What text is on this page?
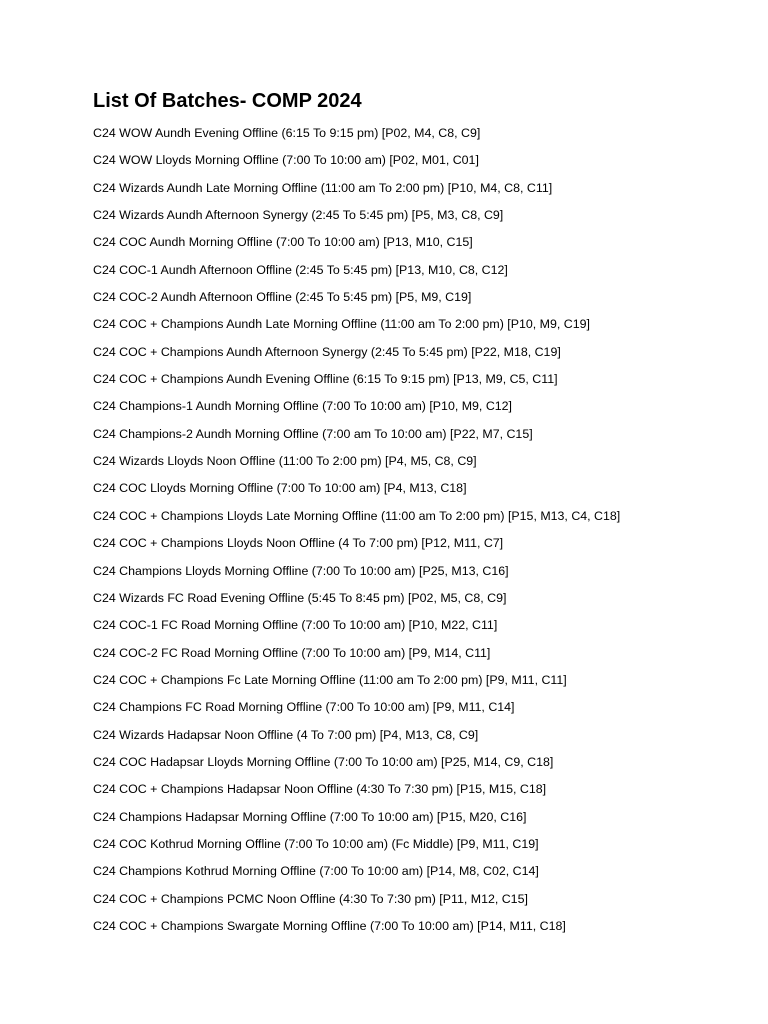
List Of Batches- COMP 2024
C24 WOW Aundh Evening Offline (6:15 To 9:15 pm) [P02, M4, C8, C9]
C24 WOW Lloyds Morning Offline (7:00 To 10:00 am) [P02, M01, C01]
C24 Wizards Aundh Late Morning Offline (11:00 am To 2:00 pm) [P10, M4, C8, C11]
C24 Wizards Aundh Afternoon Synergy (2:45 To 5:45 pm) [P5, M3, C8, C9]
C24 COC Aundh Morning Offline (7:00 To 10:00 am) [P13, M10, C15]
C24 COC-1 Aundh Afternoon Offline (2:45 To 5:45 pm) [P13, M10, C8, C12]
C24 COC-2 Aundh Afternoon Offline (2:45 To 5:45 pm) [P5, M9, C19]
C24 COC + Champions Aundh Late Morning Offline (11:00 am To 2:00 pm) [P10, M9, C19]
C24 COC + Champions Aundh Afternoon Synergy (2:45 To 5:45 pm) [P22, M18, C19]
C24 COC + Champions Aundh Evening Offline (6:15 To 9:15 pm) [P13, M9, C5, C11]
C24 Champions-1 Aundh Morning Offline (7:00 To 10:00 am) [P10, M9, C12]
C24 Champions-2 Aundh Morning Offline (7:00 am To 10:00 am) [P22, M7, C15]
C24 Wizards Lloyds Noon Offline (11:00 To 2:00 pm) [P4, M5, C8, C9]
C24 COC Lloyds Morning Offline (7:00 To 10:00 am) [P4, M13, C18]
C24 COC + Champions Lloyds Late Morning Offline (11:00 am To 2:00 pm) [P15, M13, C4, C18]
C24 COC + Champions Lloyds Noon Offline (4 To 7:00 pm) [P12, M11, C7]
C24 Champions Lloyds Morning Offline (7:00 To 10:00 am) [P25, M13, C16]
C24 Wizards FC Road Evening Offline (5:45 To 8:45 pm) [P02, M5, C8, C9]
C24 COC-1 FC Road Morning Offline (7:00 To 10:00 am) [P10, M22, C11]
C24 COC-2 FC Road Morning Offline (7:00 To 10:00 am) [P9, M14, C11]
C24 COC + Champions Fc Late Morning Offline (11:00 am To 2:00 pm) [P9, M11, C11]
C24 Champions FC Road Morning Offline (7:00 To 10:00 am) [P9, M11, C14]
C24 Wizards Hadapsar Noon Offline (4 To 7:00 pm) [P4, M13, C8, C9]
C24 COC Hadapsar Lloyds Morning Offline (7:00 To 10:00 am) [P25, M14, C9, C18]
C24 COC + Champions Hadapsar Noon Offline (4:30 To 7:30 pm) [P15, M15, C18]
C24 Champions Hadapsar Morning Offline (7:00 To 10:00 am) [P15, M20, C16]
C24 COC Kothrud Morning Offline (7:00 To 10:00 am) (Fc Middle) [P9, M11, C19]
C24 Champions Kothrud Morning Offline (7:00 To 10:00 am) [P14, M8, C02, C14]
C24 COC + Champions PCMC Noon Offline (4:30 To 7:30 pm) [P11, M12, C15]
C24 COC + Champions Swargate Morning Offline (7:00 To 10:00 am) [P14, M11, C18]
